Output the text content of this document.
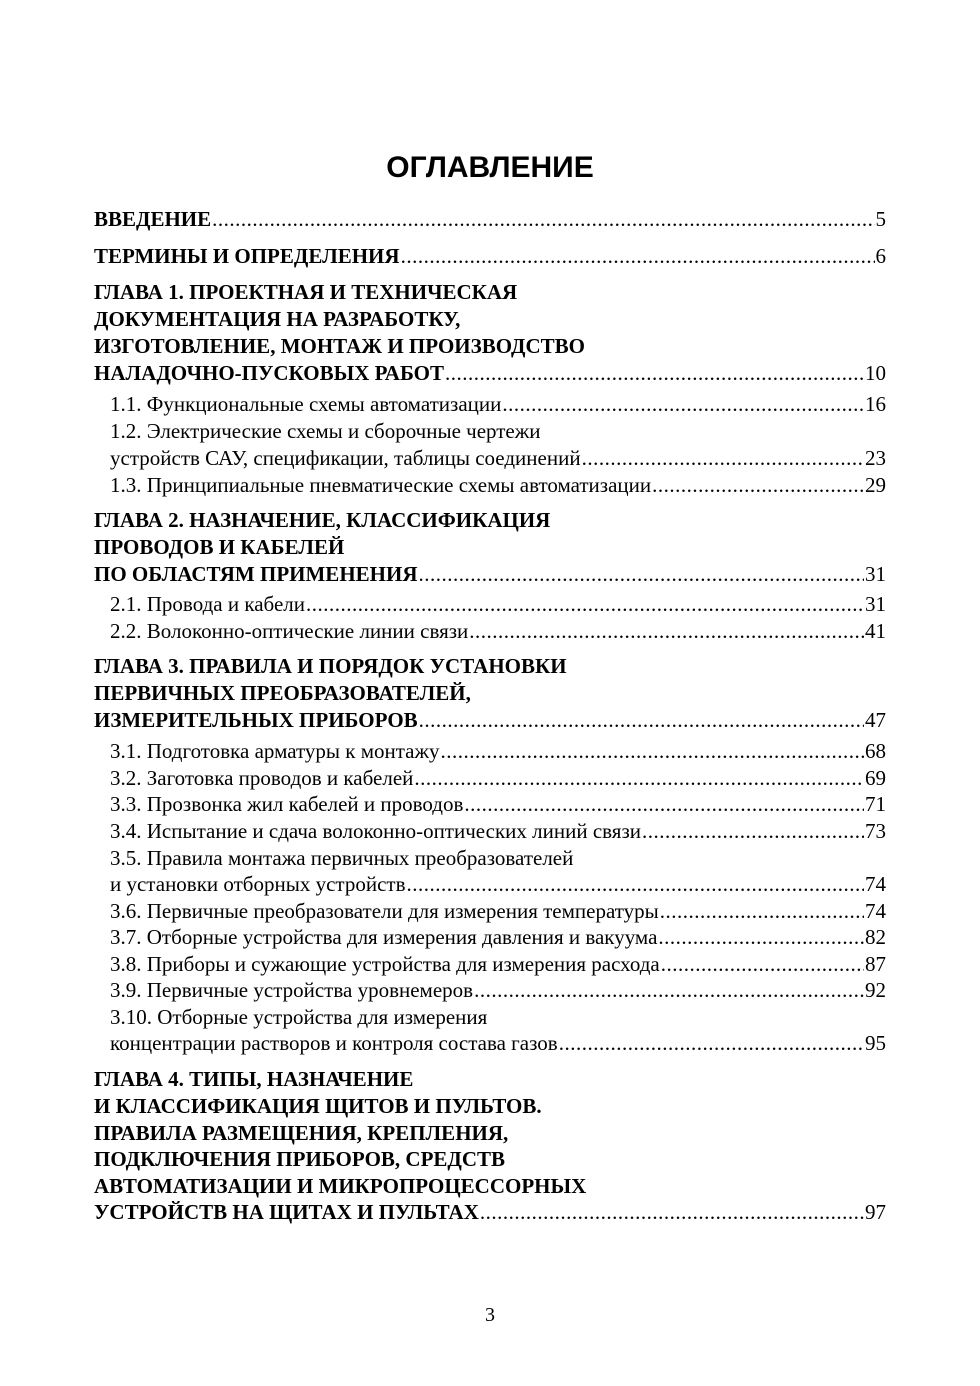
ОГЛАВЛЕНИЕ
ВВЕДЕНИЕ .....	5
ТЕРМИНЫ И ОПРЕДЕЛЕНИЯ .....	6
ГЛАВА 1. ПРОЕКТНАЯ И ТЕХНИЧЕСКАЯ
ДОКУМЕНТАЦИЯ НА РАЗРАБОТКУ,
ИЗГОТОВЛЕНИЕ, МОНТАЖ И ПРОИЗВОДСТВО
НАЛАДОЧНО-ПУСКОВЫХ РАБОТ .....	10
1.1. Функциональные схемы автоматизации .....	16
1.2. Электрические схемы и сборочные чертежи
устройств САУ, спецификации, таблицы соединений .....	23
1.3. Принципиальные пневматические схемы автоматизации .....	29
ГЛАВА 2. НАЗНАЧЕНИЕ, КЛАССИФИКАЦИЯ
ПРОВОДОВ И КАБЕЛЕЙ
ПО ОБЛАСТЯМ ПРИМЕНЕНИЯ .....	31
2.1. Провода и кабели .....	31
2.2. Волоконно-оптические линии связи .....	41
ГЛАВА 3. ПРАВИЛА И ПОРЯДОК УСТАНОВКИ
ПЕРВИЧНЫХ ПРЕОБРАЗОВАТЕЛЕЙ,
ИЗМЕРИТЕЛЬНЫХ ПРИБОРОВ .....	47
3.1. Подготовка арматуры к монтажу .....	68
3.2. Заготовка проводов и кабелей .....	69
3.3. Прозвонка жил кабелей и проводов .....	71
3.4. Испытание и сдача волоконно-оптических линий связи .....	73
3.5. Правила монтажа первичных преобразователей
и установки отборных устройств .....	74
3.6. Первичные преобразователи для измерения температуры .....	74
3.7. Отборные устройства для измерения давления и вакуума .....	82
3.8. Приборы и сужающие устройства для измерения расхода .....	87
3.9. Первичные устройства уровнемеров .....	92
3.10. Отборные устройства для измерения
концентрации растворов и контроля состава газов .....	95
ГЛАВА 4. ТИПЫ, НАЗНАЧЕНИЕ
И КЛАССИФИКАЦИЯ ЩИТОВ И ПУЛЬТОВ.
ПРАВИЛА РАЗМЕЩЕНИЯ, КРЕПЛЕНИЯ,
ПОДКЛЮЧЕНИЯ ПРИБОРОВ, СРЕДСТВ
АВТОМАТИЗАЦИИ И МИКРОПРОЦЕССОРНЫХ
УСТРОЙСТВ НА ЩИТАХ И ПУЛЬТАХ .....	97
3
